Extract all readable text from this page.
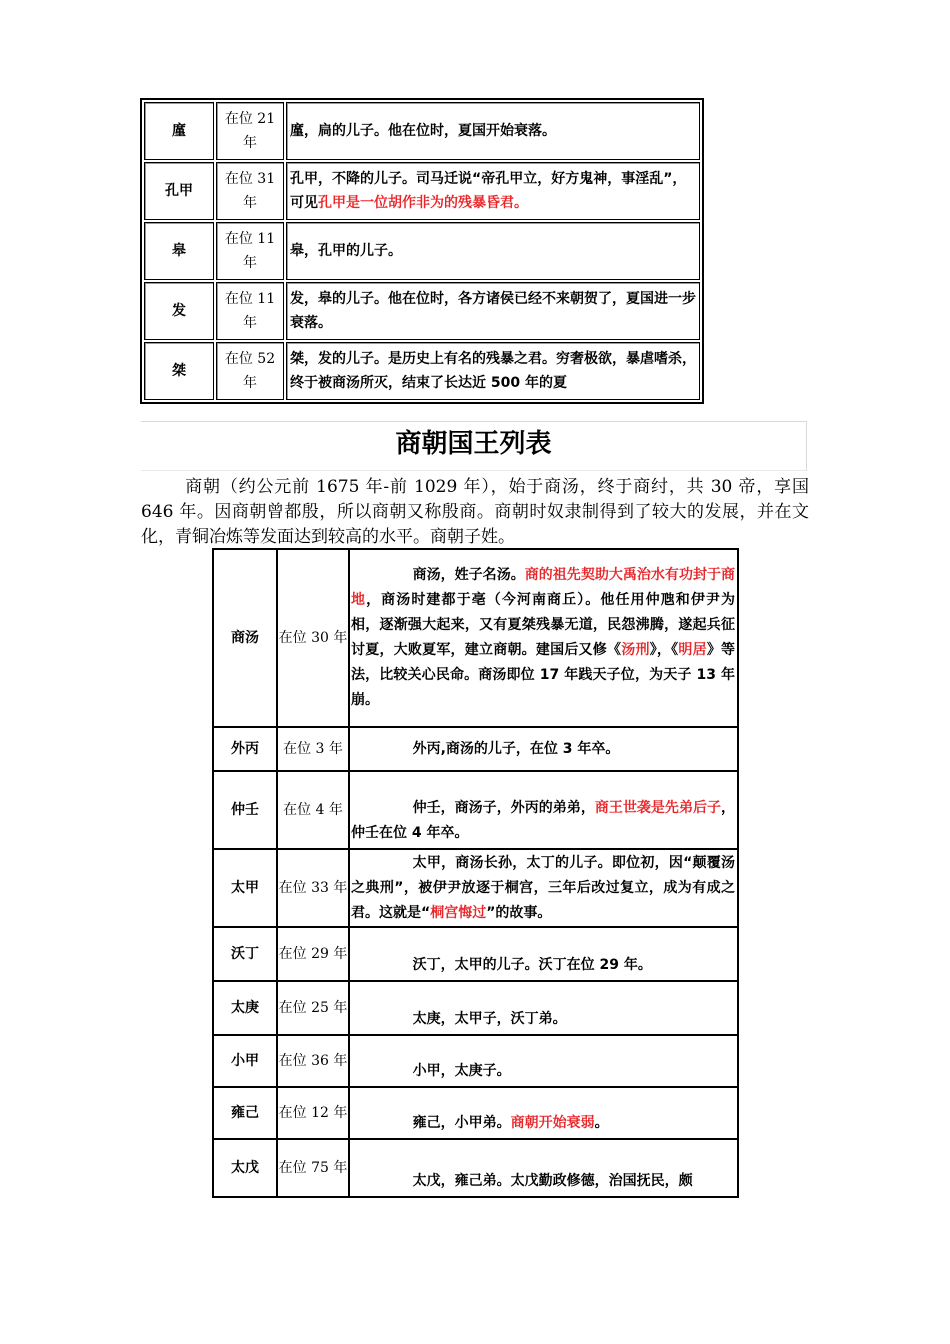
廑	在位 21 年	廑，扃的儿子。他在位时，夏国开始衰落。
孔甲	在位 31 年	孔甲，不降的儿子。司马迁说“帝孔甲立，好方鬼神，事淫乱”，可见孔甲是一位胡作非为的残暴昏君。
皋	在位 11 年	皋，孔甲的儿子。
发	在位 11 年	发，皋的儿子。他在位时，各方诸侯已经不来朝贺了，夏国进一步衰落。
桀	在位 52 年	桀，发的儿子。是历史上有名的残暴之君。穷奢极欲，暴虐嗜杀，终于被商汤所灭，结束了长达近 500 年的夏
商朝国王列表

商朝（约公元前 1675 年-前 1029 年），始于商汤，终于商纣，共 30 帝，享国 646 年。因商朝曾都殷，所以商朝又称殷商。商朝时奴隶制得到了较大的发展，并在文化，青铜冶炼等发面达到较高的水平。商朝子姓。

商汤	在位 30 年	商汤，姓子名汤。商的祖先契助大禹治水有功封于商地，商汤时建都于亳（今河南商丘）。他任用仲虺和伊尹为相，逐渐强大起来，又有夏桀残暴无道，民怨沸腾，遂起兵征讨夏，大败夏军，建立商朝。建国后又修《汤刑》，《明居》等法，比较关心民命。商汤即位 17 年践天子位，为天子 13 年崩。
外丙	在位 3 年	外丙,商汤的儿子，在位 3 年卒。
仲壬	在位 4 年	仲壬，商汤子，外丙的弟弟，商王世袭是先弟后子，仲壬在位 4 年卒。
太甲	在位 33 年	太甲，商汤长孙，太丁的儿子。即位初，因“颠覆汤之典刑”，被伊尹放逐于桐宫，三年后改过复立，成为有成之君。这就是“桐宫悔过”的故事。
沃丁	在位 29 年	沃丁，太甲的儿子。沃丁在位 29 年。
太庚	在位 25 年	太庚，太甲子，沃丁弟。
小甲	在位 36 年	小甲，太庚子。
雍己	在位 12 年	雍己，小甲弟。商朝开始衰弱。
太戊	在位 75 年	太戊，雍己弟。太戊勤政修德，治国抚民，颇
